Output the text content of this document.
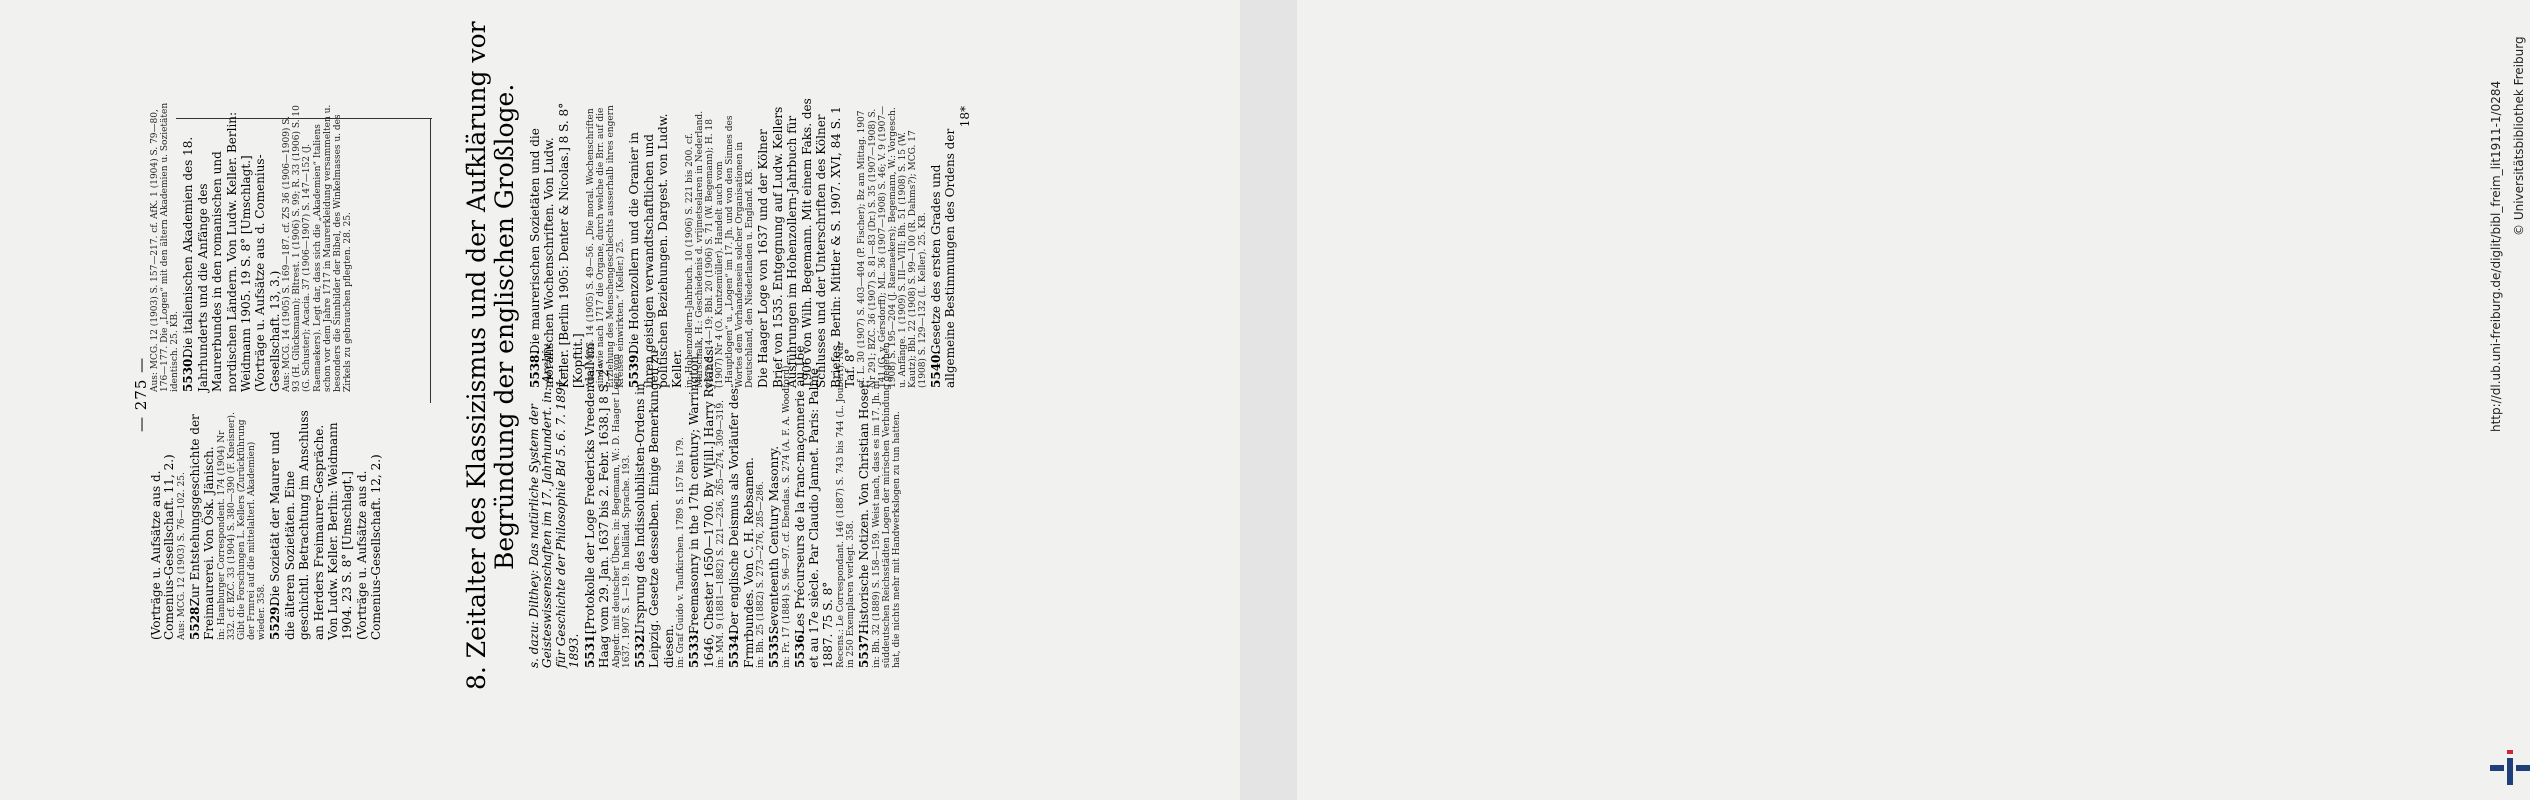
— 275 —
(Vorträge u. Aufsätze aus d. Comenius-Gesellschaft. 11, 2.) Aus: MCG. 12 (1903) S. 76—102. 25. 5528. Zur Entstehungsgeschichte der Freimaurerei. Von Ösk. Jänisch. in: Hamburger Correspondent. 174 (1904) Nr 332. cf. BZC. 33 (1904) S. 380—390 (F. Kneisner). Gibt die Forschungen L. Kellers (Zurückführung der Frmrei auf die mittelalterl. Akademien) wieder. 358. 5529. Die Sozietät der Maurer und die älteren Sozietäten. Eine geschichtl. Betrachtung im Anschluss an Herders Freimaurer-Gespräche. Von Ludw. Keller. Berlin: Weidmann 1904. 23 S. 8° [Umschlagt.] (Vorträge u. Aufsätze aus d. Comenius-Gesellschaft. 12, 2.)
Aus: MCG. 12 (1903) S. 157—217. cf. AfK. 1 (1904) S. 79—80, 176—177. Die „Logen“ mit den ältern Akademien u. Sozietäten identisch. 25. KB. 5530. Die italienischen Akademien des 18. Jahrhunderts und die Anfänge des Maurerbundes in den romanischen und nordischen Ländern. Von Ludw. Keller. Berlin: Weidmann 1905. 19 S. 8° [Umschlagt.] (Vorträge u. Aufsätze aus d. Comenius-Gesellschaft. 13, 3.) Aus: MCG. 14 (1905) S. 169—187. cf. ZS 36 (1906—1909) S. 93 (H. Glücksmann); Bltrest. 1 (1906) S. 99; R. 33 (1906) S. 10 (G. Schuster); Acacia. 37 (1906—1907) S. 147—152 (J. Raemaekers). Legt dar, dass sich die „Akademien“ Italiens schon vor dem Jahre 1717 in Maurerkleidung versammelten u. besonders die Sinnbilder der Bibel, des Winkelmasses u. des Zirkels zu gebrauchen pflegten. 28. 25.	8. Zeitalter des Klassizismus und der Aufklärung vor Begründung der englischen Großloge. s. dazu: Dilthey: Das natürliche System der Geisteswissenschaften im 17. Jahrhundert. in: Archiv für Geschichte der Philosophie Bd 5. 6. 7. 1891—1893. 5531. [Protokolle der Loge Fredericks Vreedendall im Haag vom 29. Jan. 1637 bis 2. Febr. 1638.] 8 S. 2° Abgedr. mit deutscher Übers. in: Begemann, W.: D. Haager Loge von 1637. 1907 S. 1—19. In holländ. Sprache. 193. 5532. Ursprung des Indissolubilisten-Ordens in Leipzig. Gesetze desselben. Einige Bemerkungen zu diesen. in: Graf Guido v. Taufkirchen. 1789 S. 157 bis 179. 5533. Freemasonry in the 17th century; Warrington, 1646, Chester 1650—1700. By W[ill.] Harry Rylands. in: MM. 9 (1881—1882) S. 221—236, 265—274, 309—319. 5534. Der englische Deismus als Vorläufer des Frmrbundes. Von C. H. Rebsamen. in: Bh. 25 (1882) S. 273—276, 285—286. 5535. Seventeenth Century Masonry. in: Fr. 17 (1884) S. 96—97. cf. Ebendas. S. 274 (A. F. A. Woodford). 5536. Les Précurseurs de la franc-maçonnerie au 16e et au 17e siècle. Par Claudio Jannet. Paris: Palmé 1887. 75 S. 8° Recens.: Le Correspondant. 146 (1887) S. 743 bis 744 (L. Joubert). Nur in 250 Exemplaren verlegt. 358. 5537. Historische Notizen. Von Christian Hoser. in: Bh. 32 (1889) S. 158—159. Weist nach, dass es im 17. Jh. in süddeutschen Reichsstädten Logen der mirischen Verbindung gegeben hat, die nichts mehr mit Handwerkslogen zu tun hatten.
5538. Die maurerischen Sozietäten und die moralischen Wochenschriften. Von Ludw. Keller. [Berlin 1905: Denter & Nicolas.] 8 S. 8° [Kopftit.] Aus: MCG. 14 (1905) S. 49—56. „Die moral. Wochenschriften sind wie nach 1717 die Organe, durch welche die Brr. auf die Erziehung des Menschengeschlechts ausserhalb ihres engern Kreises einwirkten.“ (Keller.) 25. 5539. Die Hohenzollern und die Oranier in ihren geistigen verwandtschaftlichen und politischen Beziehungen. Dargest. von Ludw. Keller. in: Hohenzollern-Jahrbuch. 10 (1906) S. 221 bis 200. cf. Marschalk, H.: Geschiedenis d. vrijmetselaren in Nederland. 1872 S. 14—19; Bbl. 20 (1906) S. 71 (W. Begemann); H. 18 (1907) Nr 4 (O. Kuntzemüller). Handelt auch vom „Hauptlogen“ u. „Logen“ im 17. Jh. und von den Sinnes des Wortes dem Vorhandensein solcher Organisationen in Deutschland, den Niederlanden u. England. KB. Die Haager Loge von 1637 und der Kölner Brief von 1535. Entgegnung auf Ludw. Kellers Ausführungen im Hohenzollern-Jahrbuch für 1906 von Wilh. Begemann. Mit einem Faks. des Schlusses und der Unterschriften des Kölner Briefes. Berlin: Mittler & S. 1907. XVI, 84 S. 1 Taf. 8° cf. L. 30 (1907) S. 403—404 (P. Fischer); Bz am Mittag. 1907 Nr 291; BZC. 36 (1907) S. 81—83 (Dr.) S. 35 (1907—1908) S. 141 (G. v. Gérsdorff); ML. 36 (1907—1908) S. 46; V. 9 (1907—1908) S. 195—204 (J. Raemaekers); Begemann, W.: Vorgesch. u. Anfänge. 1 (1909) S. III—VIII; Bh. 51 (1908) S. 15 (W. Kautz); Bbl. 22 (1908) S. 99—100 (R. Dahms?); MCG. 17 (1908) S. 129—132 (L. Keller). 25. KB. 5540. Gesetze des ersten Grades und allgemeine Bestimmungen des Ordens der
18*	http://dl.ub.uni-freiburg.de/diglit/bibl_freim_lit1911-1/0284 © Universitätsbibliothek Freiburg
